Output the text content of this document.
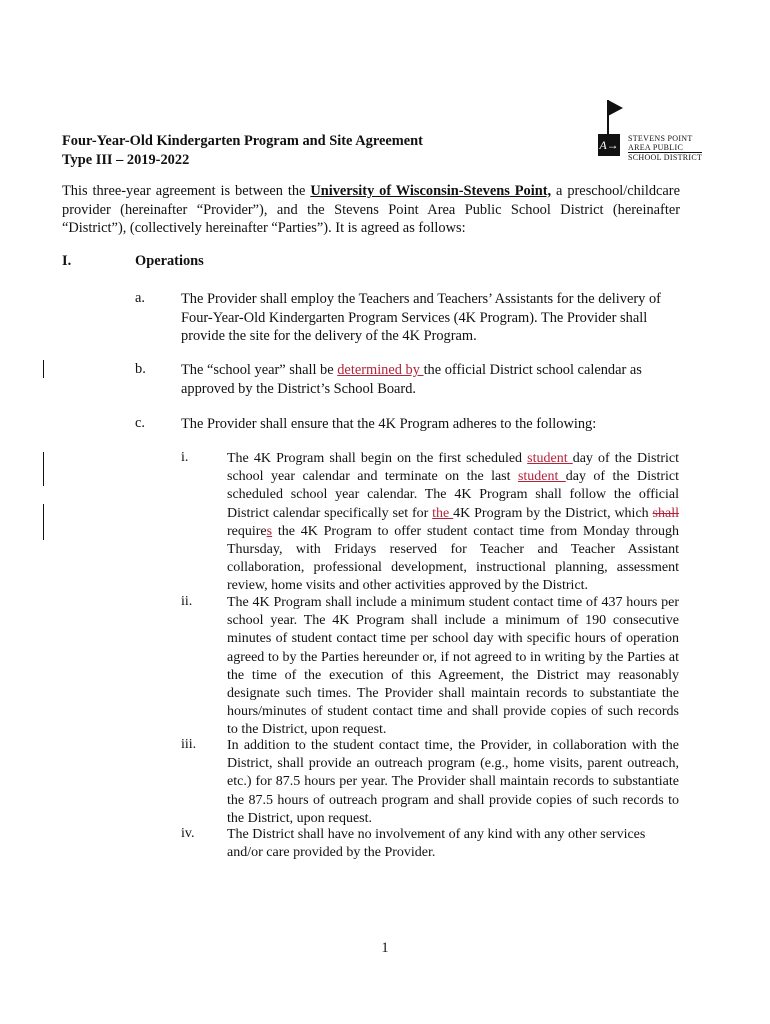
Four-Year-Old Kindergarten Program and Site Agreement
Type III – 2019-2022
A→ STEVENS POINT
AREA PUBLIC
SCHOOL DISTRICT
This three-year agreement is between the University of Wisconsin-Stevens Point, a preschool/childcare provider (hereinafter “Provider”), and the Stevens Point Area Public School District (hereinafter “District”), (collectively hereinafter “Parties”). It is agreed as follows:
I.	Operations
a.	The Provider shall employ the Teachers and Teachers’ Assistants for the delivery of Four-Year-Old Kindergarten Program Services (4K Program). The Provider shall provide the site for the delivery of the 4K Program.
b. The “school year” shall be determined by the official District school calendar as approved by the District’s School Board.
c.	The Provider shall ensure that the 4K Program adheres to the following:
i.	The 4K Program shall begin on the first scheduled student day of the District school year calendar and terminate on the last student day of the District scheduled school year calendar. The 4K Program shall follow the official District calendar specifically set for the 4K Program by the District, which shall requires the 4K Program to offer student contact time from Monday through Thursday, with Fridays reserved for Teacher and Teacher Assistant collaboration, professional development, instructional planning, assessment review, home visits and other activities approved by the District.
ii. The 4K Program shall include a minimum student contact time of 437 hours per school year. The 4K Program shall include a minimum of 190 consecutive minutes of student contact time per school day with specific hours of operation agreed to by the Parties hereunder or, if not agreed to in writing by the Parties at the time of the execution of this Agreement, the District may reasonably designate such times. The Provider shall maintain records to substantiate the hours/minutes of student contact time and shall provide copies of such records to the District, upon request.
iii. In addition to the student contact time, the Provider, in collaboration with the District, shall provide an outreach program (e.g., home visits, parent outreach, etc.) for 87.5 hours per year. The Provider shall maintain records to substantiate the 87.5 hours of outreach program and shall provide copies of such records to the District, upon request.
iv. The District shall have no involvement of any kind with any other services and/or care provided by the Provider.
1
